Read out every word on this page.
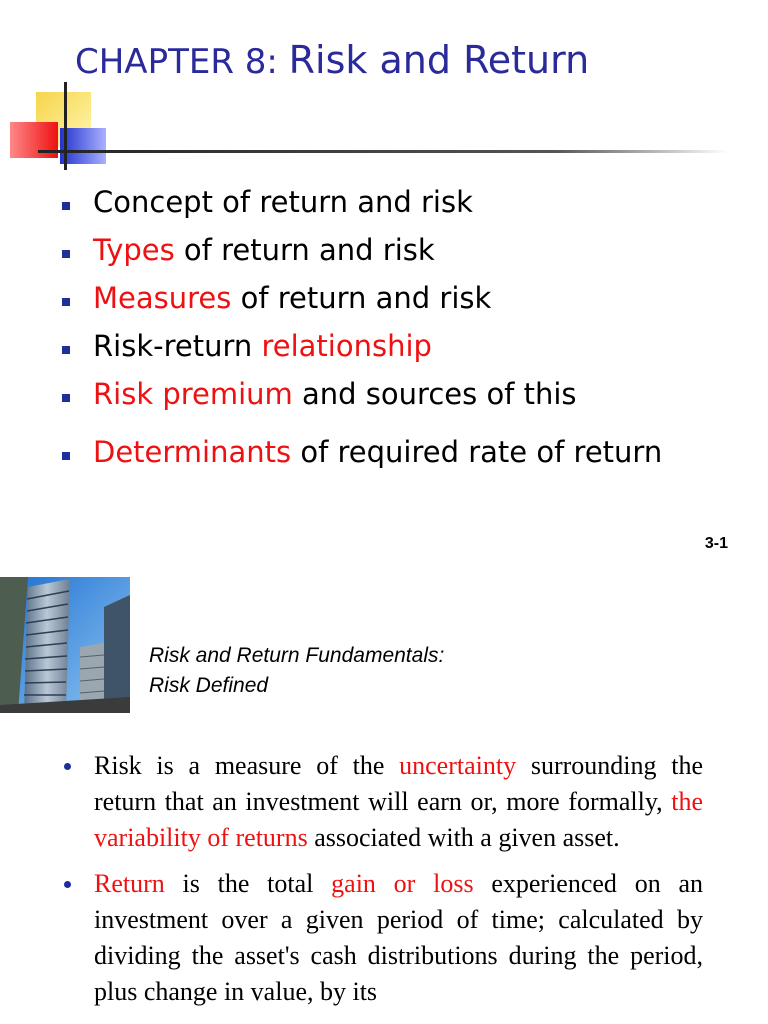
CHAPTER 8: Risk and Return
Concept of return and risk
Types of return and risk
Measures of return and risk
Risk-return relationship
Risk premium and sources of this
Determinants of required rate of return
3-1
Risk and Return Fundamentals:
Risk Defined
Risk is a measure of the uncertainty surrounding the return that an investment will earn or, more formally, the variability of returns associated with a given asset.
Return is the total gain or loss experienced on an investment over a given period of time; calculated by dividing the asset's cash distributions during the period, plus change in value, by its
